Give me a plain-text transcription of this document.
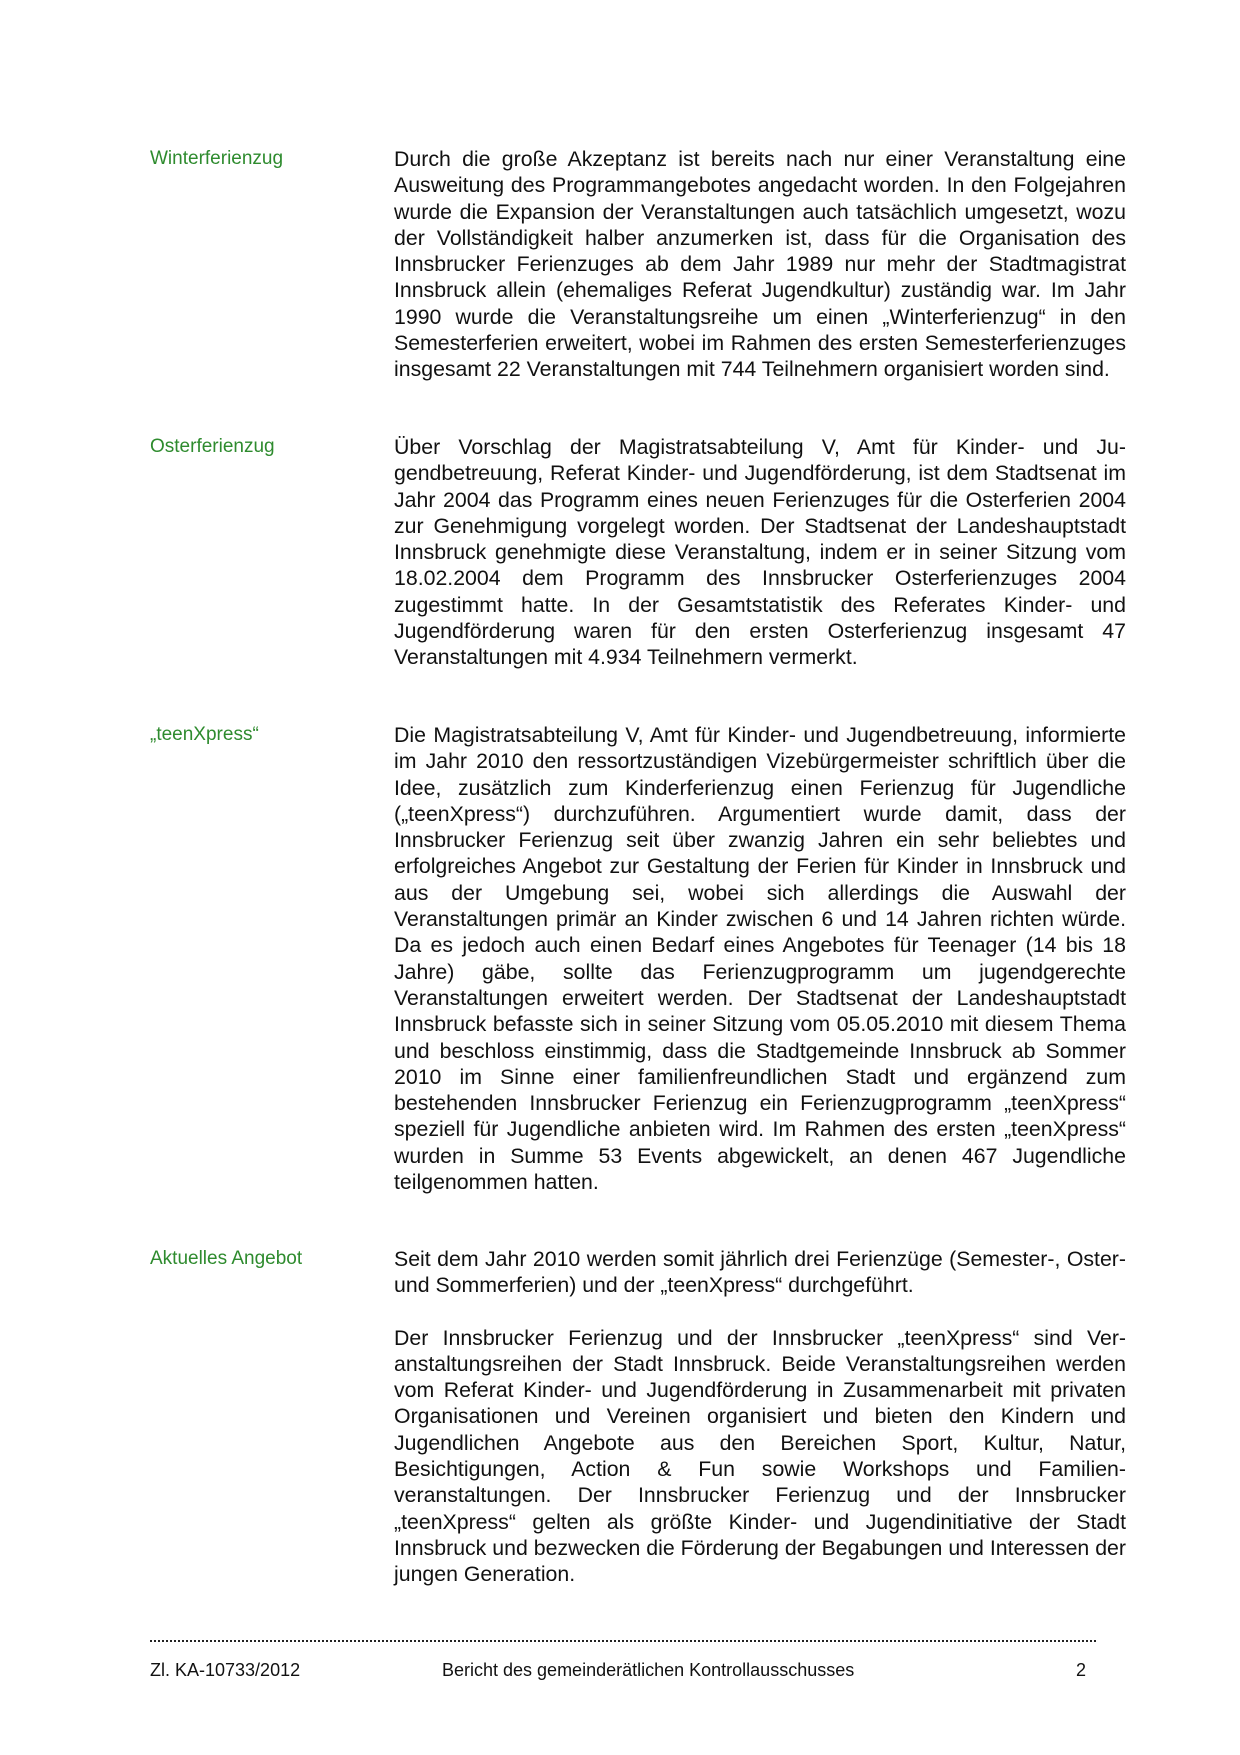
Winterferienzug	Durch die große Akzeptanz ist bereits nach nur einer Veranstaltung eine Ausweitung des Programmangebotes angedacht worden. In den Folgejahren wurde die Expansion der Veranstaltungen auch tatsächlich umgesetzt, wozu der Vollständigkeit halber anzumerken ist, dass für die Organisation des Innsbrucker Ferienzuges ab dem Jahr 1989 nur mehr der Stadtmagistrat Innsbruck allein (ehemaliges Referat Jugendkultur) zuständig war. Im Jahr 1990 wurde die Veranstaltungsreihe um einen „Winterferienzug“ in den Semesterferien erweitert, wobei im Rahmen des ersten Semesterferienzuges insgesamt 22 Veranstaltungen mit 744 Teilnehmern organisiert worden sind.

Osterferienzug	Über Vorschlag der Magistratsabteilung V, Amt für Kinder- und Jugendbetreuung, Referat Kinder- und Jugendförderung, ist dem Stadtsenat im Jahr 2004 das Programm eines neuen Ferienzuges für die Osterferien 2004 zur Genehmigung vorgelegt worden. Der Stadtsenat der Landeshauptstadt Innsbruck genehmigte diese Veranstaltung, indem er in seiner Sitzung vom 18.02.2004 dem Programm des Innsbrucker Osterferienzuges 2004 zugestimmt hatte. In der Gesamtstatistik des Referates Kinder- und Jugendförderung waren für den ersten Osterferienzug insgesamt 47 Veranstaltungen mit 4.934 Teilnehmern vermerkt.

„teenXpress“	Die Magistratsabteilung V, Amt für Kinder- und Jugendbetreuung, informierte im Jahr 2010 den ressortzuständigen Vizebürgermeister schriftlich über die Idee, zusätzlich zum Kinderferienzug einen Ferienzug für Jugendliche („teenXpress“) durchzuführen. Argumentiert wurde damit, dass der Innsbrucker Ferienzug seit über zwanzig Jahren ein sehr beliebtes und erfolgreiches Angebot zur Gestaltung der Ferien für Kinder in Innsbruck und aus der Umgebung sei, wobei sich allerdings die Auswahl der Veranstaltungen primär an Kinder zwischen 6 und 14 Jahren richten würde. Da es jedoch auch einen Bedarf eines Angebotes für Teenager (14 bis 18 Jahre) gäbe, sollte das Ferienzugprogramm um jugendgerechte Veranstaltungen erweitert werden. Der Stadtsenat der Landeshauptstadt Innsbruck befasste sich in seiner Sitzung vom 05.05.2010 mit diesem Thema und beschloss einstimmig, dass die Stadtgemeinde Innsbruck ab Sommer 2010 im Sinne einer familienfreundlichen Stadt und ergänzend zum bestehenden Innsbrucker Ferienzug ein Ferienzugprogramm „teenXpress“ speziell für Jugendliche anbieten wird. Im Rahmen des ersten „teenXpress“ wurden in Summe 53 Events abgewickelt, an denen 467 Jugendliche teilgenommen hatten.

Aktuelles Angebot	Seit dem Jahr 2010 werden somit jährlich drei Ferienzüge (Semester-, Oster- und Sommerferien) und der „teenXpress“ durchgeführt.

Der Innsbrucker Ferienzug und der Innsbrucker „teenXpress“ sind Veranstaltungsreihen der Stadt Innsbruck. Beide Veranstaltungsreihen werden vom Referat Kinder- und Jugendförderung in Zusammenarbeit mit privaten Organisationen und Vereinen organisiert und bieten den Kindern und Jugendlichen Angebote aus den Bereichen Sport, Kultur, Natur, Besichtigungen, Action & Fun sowie Workshops und Familienveranstaltungen. Der Innsbrucker Ferienzug und der Innsbrucker „teenXpress“ gelten als größte Kinder- und Jugendinitiative der Stadt Innsbruck und bezwecken die Förderung der Begabungen und Interessen der jungen Generation.

Zl. KA-10733/2012	Bericht des gemeinderätlichen Kontrollausschusses	2
